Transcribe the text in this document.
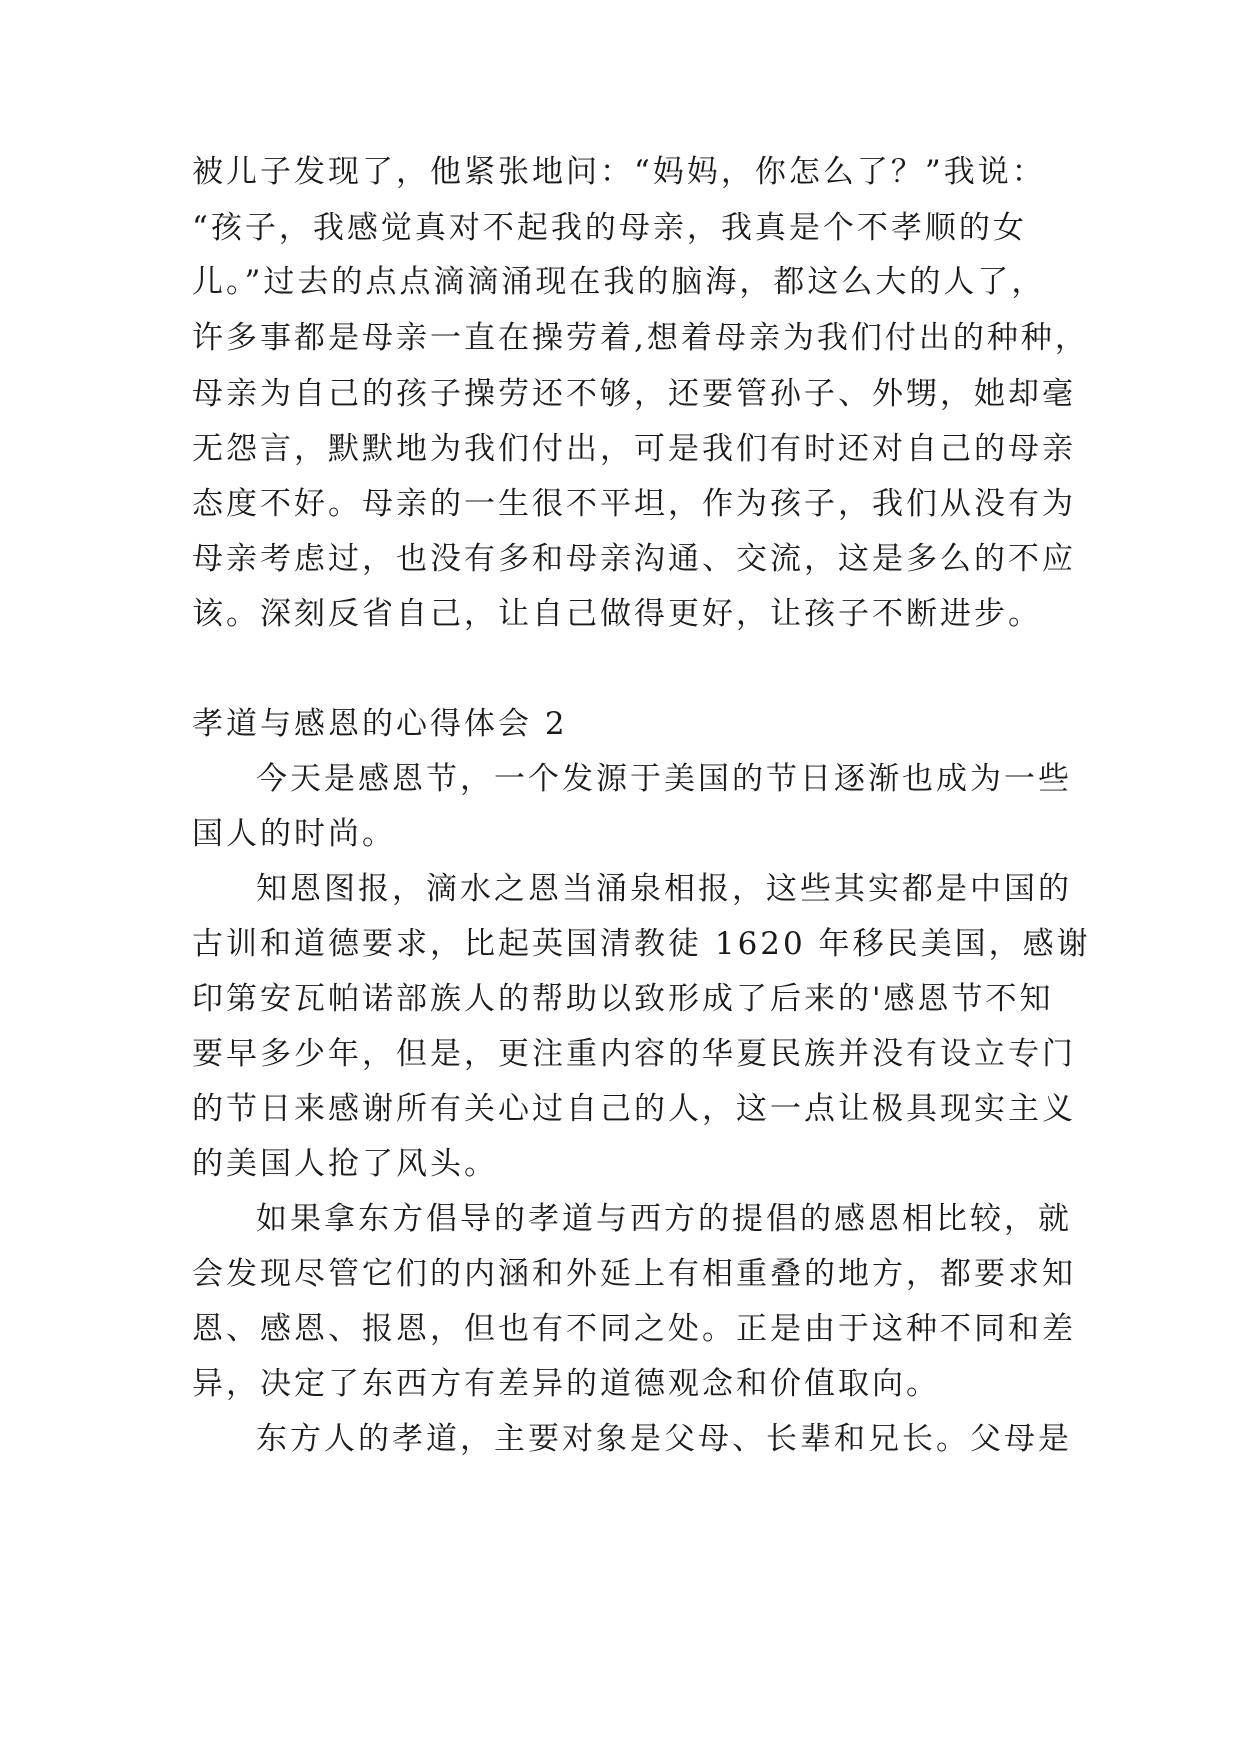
被儿子发现了，他紧张地问：“妈妈，你怎么了？”我说：
“孩子，我感觉真对不起我的母亲，我真是个不孝顺的女
儿。”过去的点点滴滴涌现在我的脑海，都这么大的人了，
许多事都是母亲一直在操劳着,想着母亲为我们付出的种种，
母亲为自己的孩子操劳还不够，还要管孙子、外甥，她却毫
无怨言，默默地为我们付出，可是我们有时还对自己的母亲
态度不好。母亲的一生很不平坦，作为孩子，我们从没有为
母亲考虑过，也没有多和母亲沟通、交流，这是多么的不应
该。深刻反省自己，让自己做得更好，让孩子不断进步。
孝道与感恩的心得体会 2
今天是感恩节，一个发源于美国的节日逐渐也成为一些
国人的时尚。
知恩图报，滴水之恩当涌泉相报，这些其实都是中国的
古训和道德要求，比起英国清教徒 1620 年移民美国，感谢
印第安瓦帕诺部族人的帮助以致形成了后来的'感恩节不知
要早多少年，但是，更注重内容的华夏民族并没有设立专门
的节日来感谢所有关心过自己的人，这一点让极具现实主义
的美国人抢了风头。
如果拿东方倡导的孝道与西方的提倡的感恩相比较，就
会发现尽管它们的内涵和外延上有相重叠的地方，都要求知
恩、感恩、报恩，但也有不同之处。正是由于这种不同和差
异，决定了东西方有差异的道德观念和价值取向。
东方人的孝道，主要对象是父母、长辈和兄长。父母是
